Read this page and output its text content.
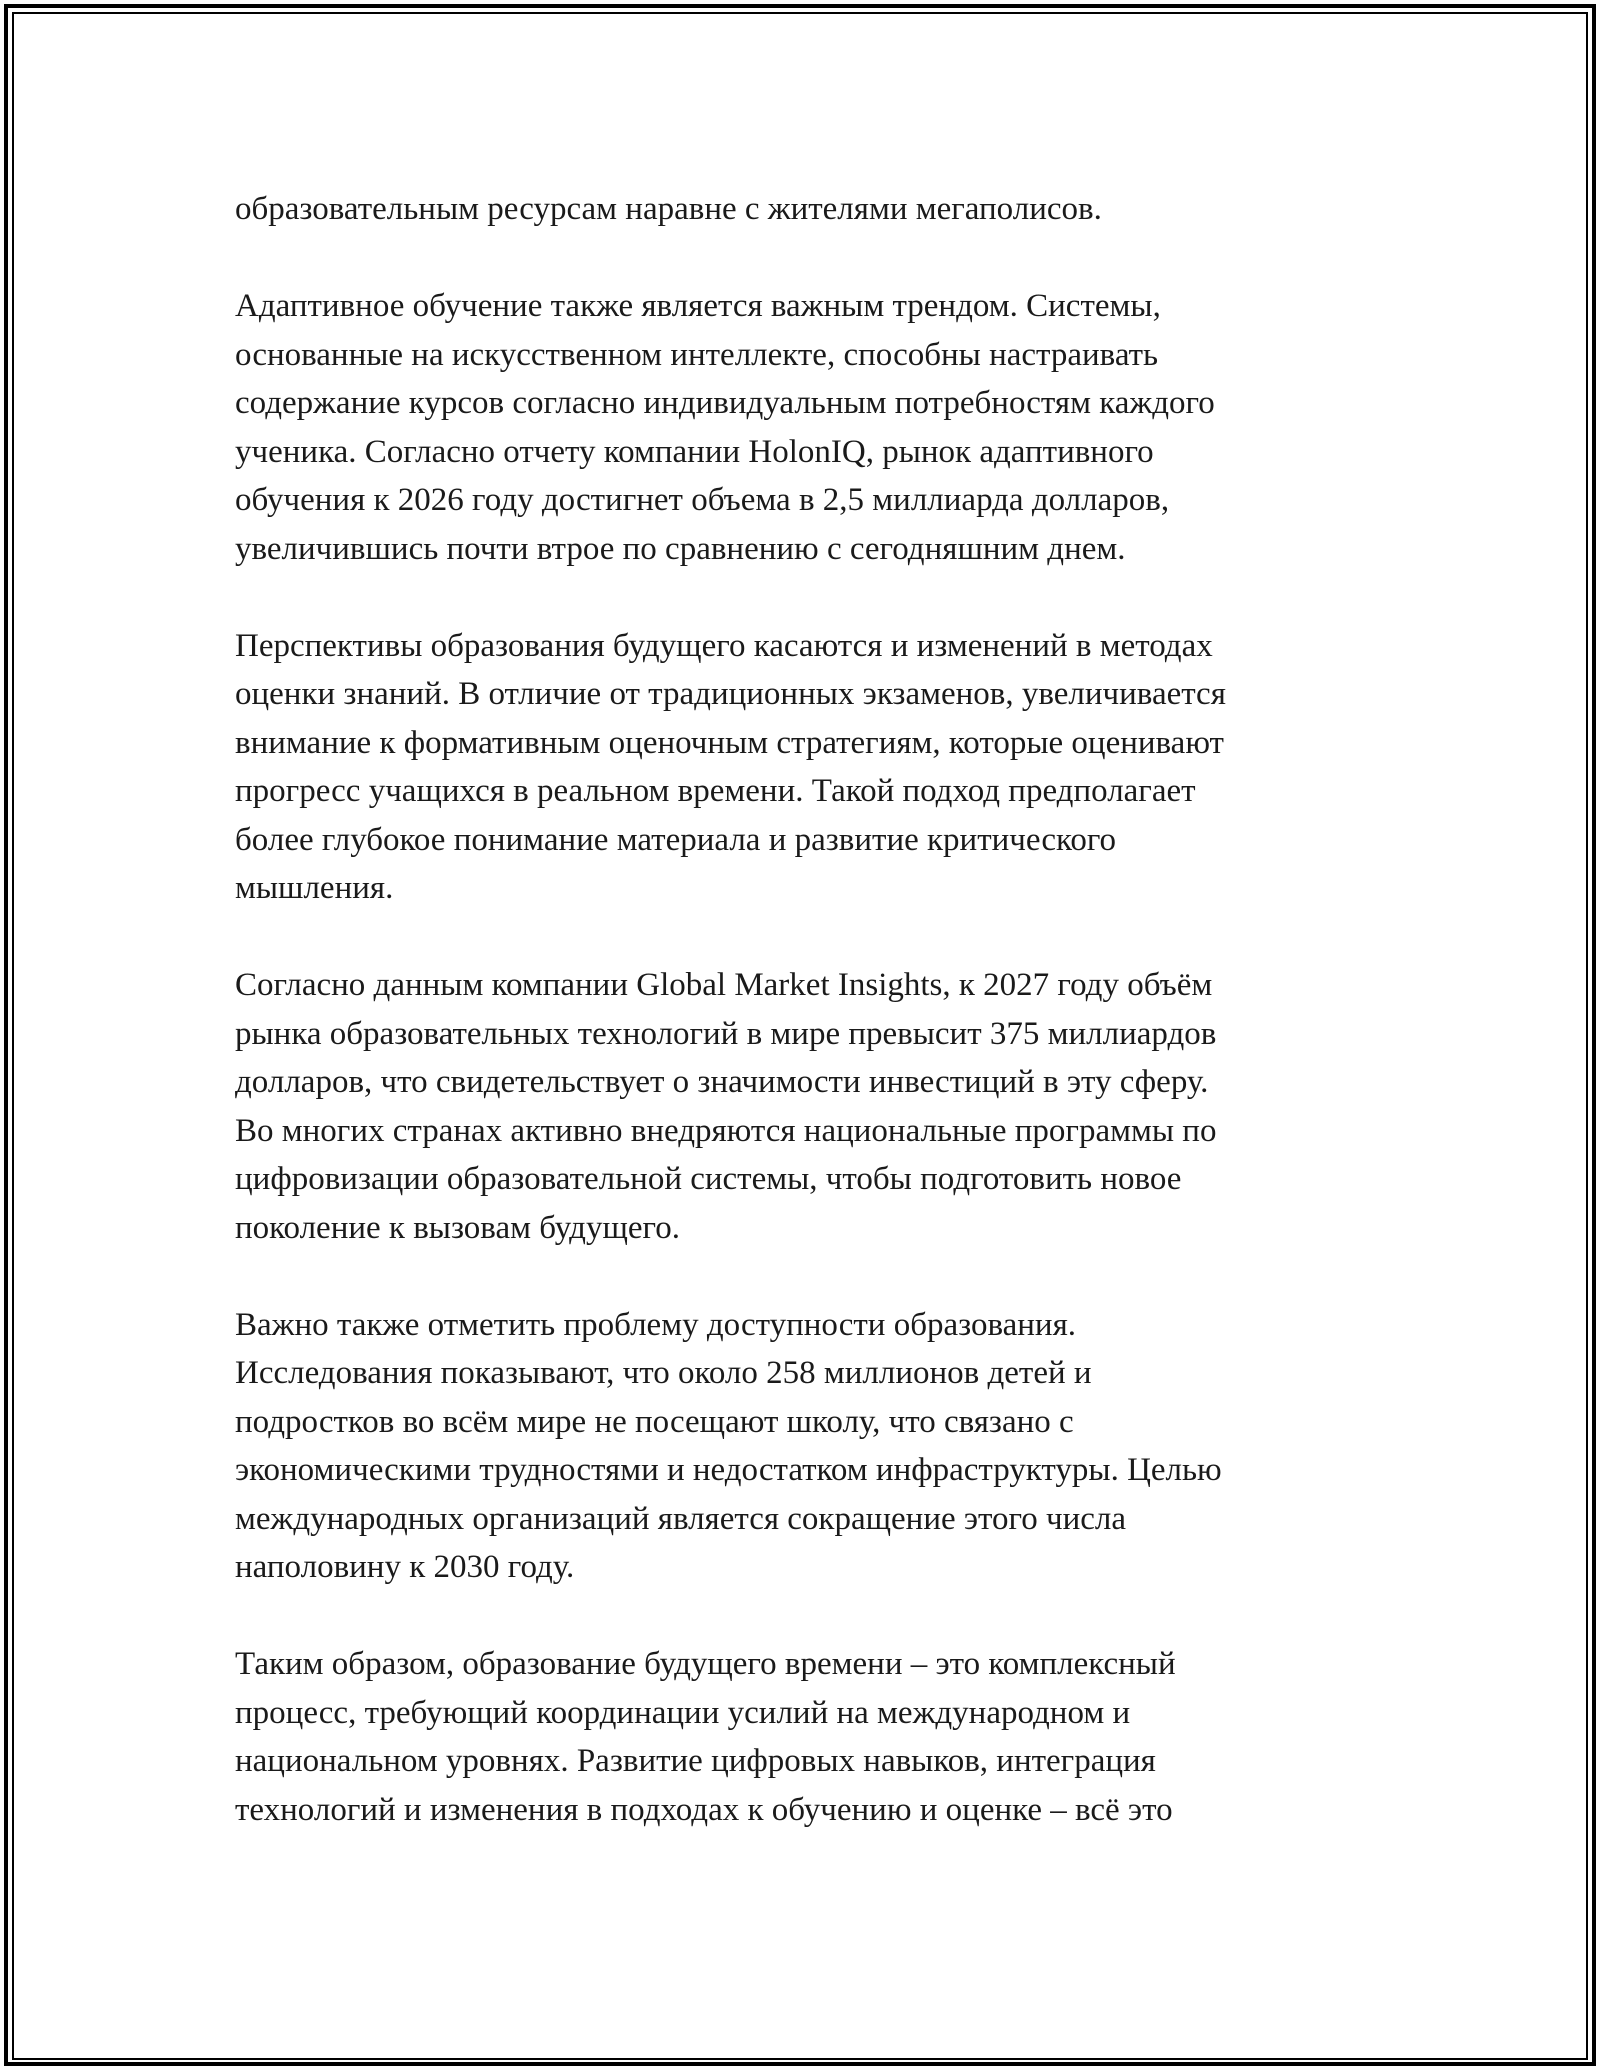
образовательным ресурсам наравне с жителями мегаполисов.

Адаптивное обучение также является важным трендом. Системы,
основанные на искусственном интеллекте, способны настраивать
содержание курсов согласно индивидуальным потребностям каждого
ученика. Согласно отчету компании HolonIQ, рынок адаптивного
обучения к 2026 году достигнет объема в 2,5 миллиарда долларов,
увеличившись почти втрое по сравнению с сегодняшним днем.

Перспективы образования будущего касаются и изменений в методах
оценки знаний. В отличие от традиционных экзаменов, увеличивается
внимание к формативным оценочным стратегиям, которые оценивают
прогресс учащихся в реальном времени. Такой подход предполагает
более глубокое понимание материала и развитие критического
мышления.

Согласно данным компании Global Market Insights, к 2027 году объём
рынка образовательных технологий в мире превысит 375 миллиардов
долларов, что свидетельствует о значимости инвестиций в эту сферу.
Во многих странах активно внедряются национальные программы по
цифровизации образовательной системы, чтобы подготовить новое
поколение к вызовам будущего.

Важно также отметить проблему доступности образования.
Исследования показывают, что около 258 миллионов детей и
подростков во всём мире не посещают школу, что связано с
экономическими трудностями и недостатком инфраструктуры. Целью
международных организаций является сокращение этого числа
наполовину к 2030 году.

Таким образом, образование будущего времени – это комплексный
процесс, требующий координации усилий на международном и
национальном уровнях. Развитие цифровых навыков, интеграция
технологий и изменения в подходах к обучению и оценке – всё это
